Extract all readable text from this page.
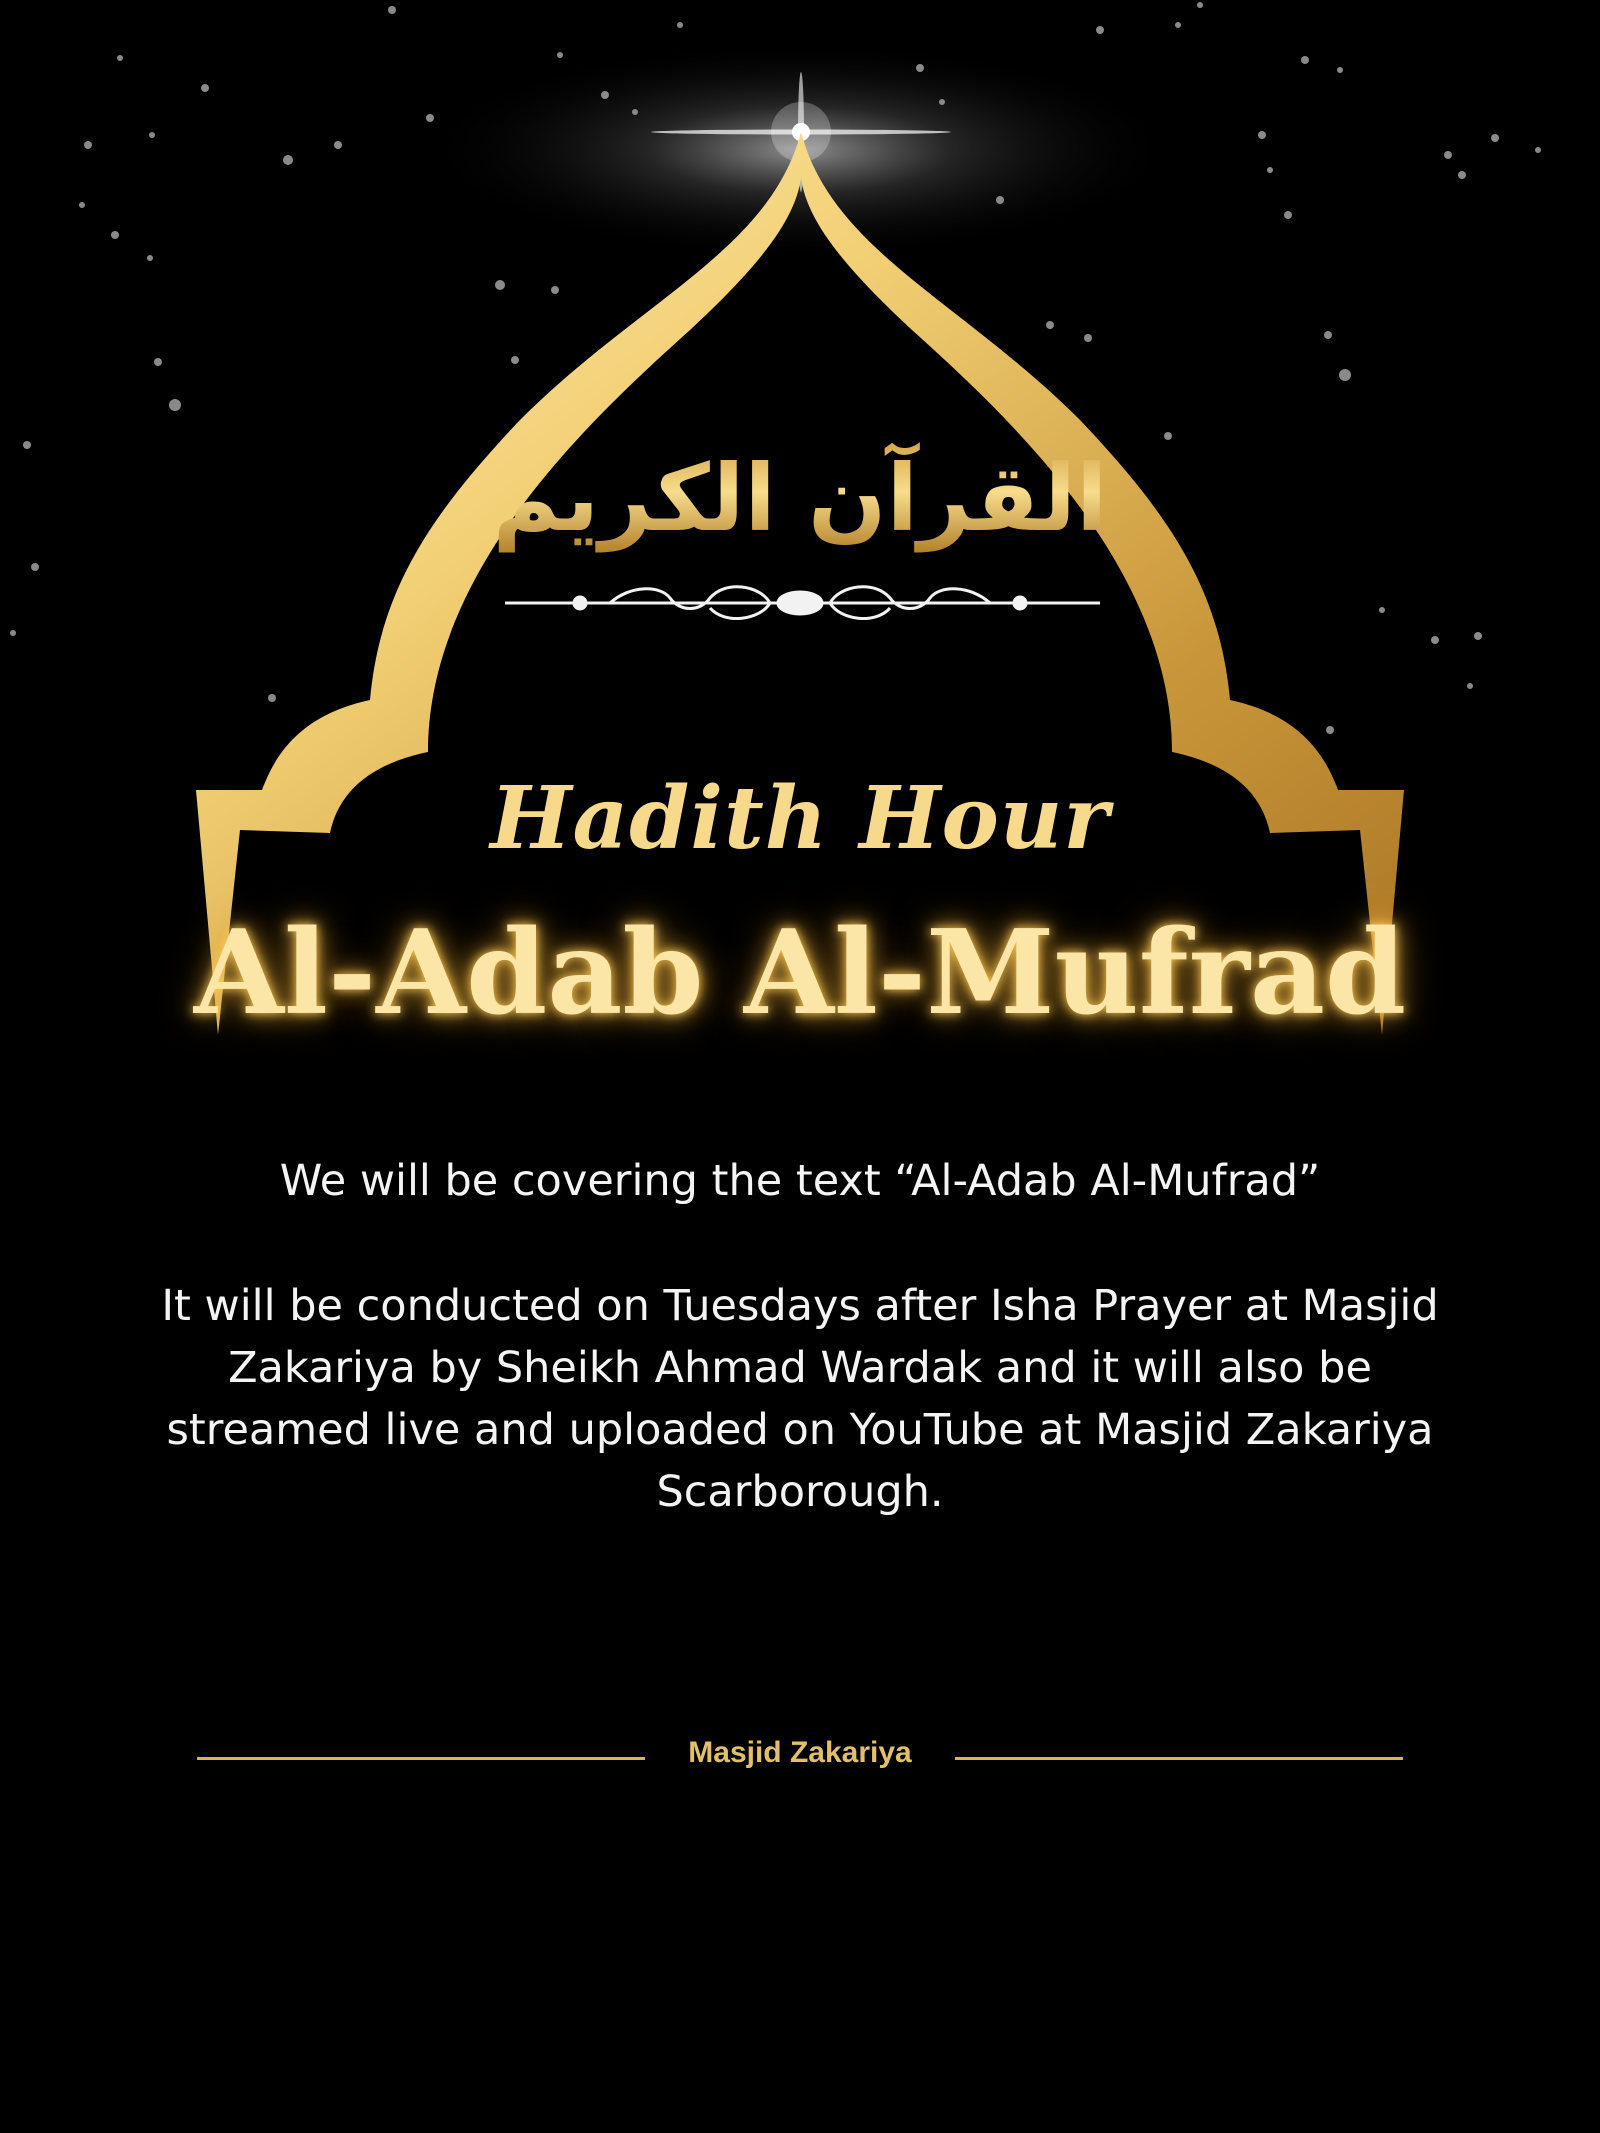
القرآن الكريم
Hadith Hour
Al-Adab Al-Mufrad

We will be covering the text “Al-Adab Al-Mufrad”

It will be conducted on Tuesdays after Isha Prayer at Masjid Zakariya by Sheikh Ahmad Wardak and it will also be streamed live and uploaded on YouTube at Masjid Zakariya Scarborough.

Masjid Zakariya
